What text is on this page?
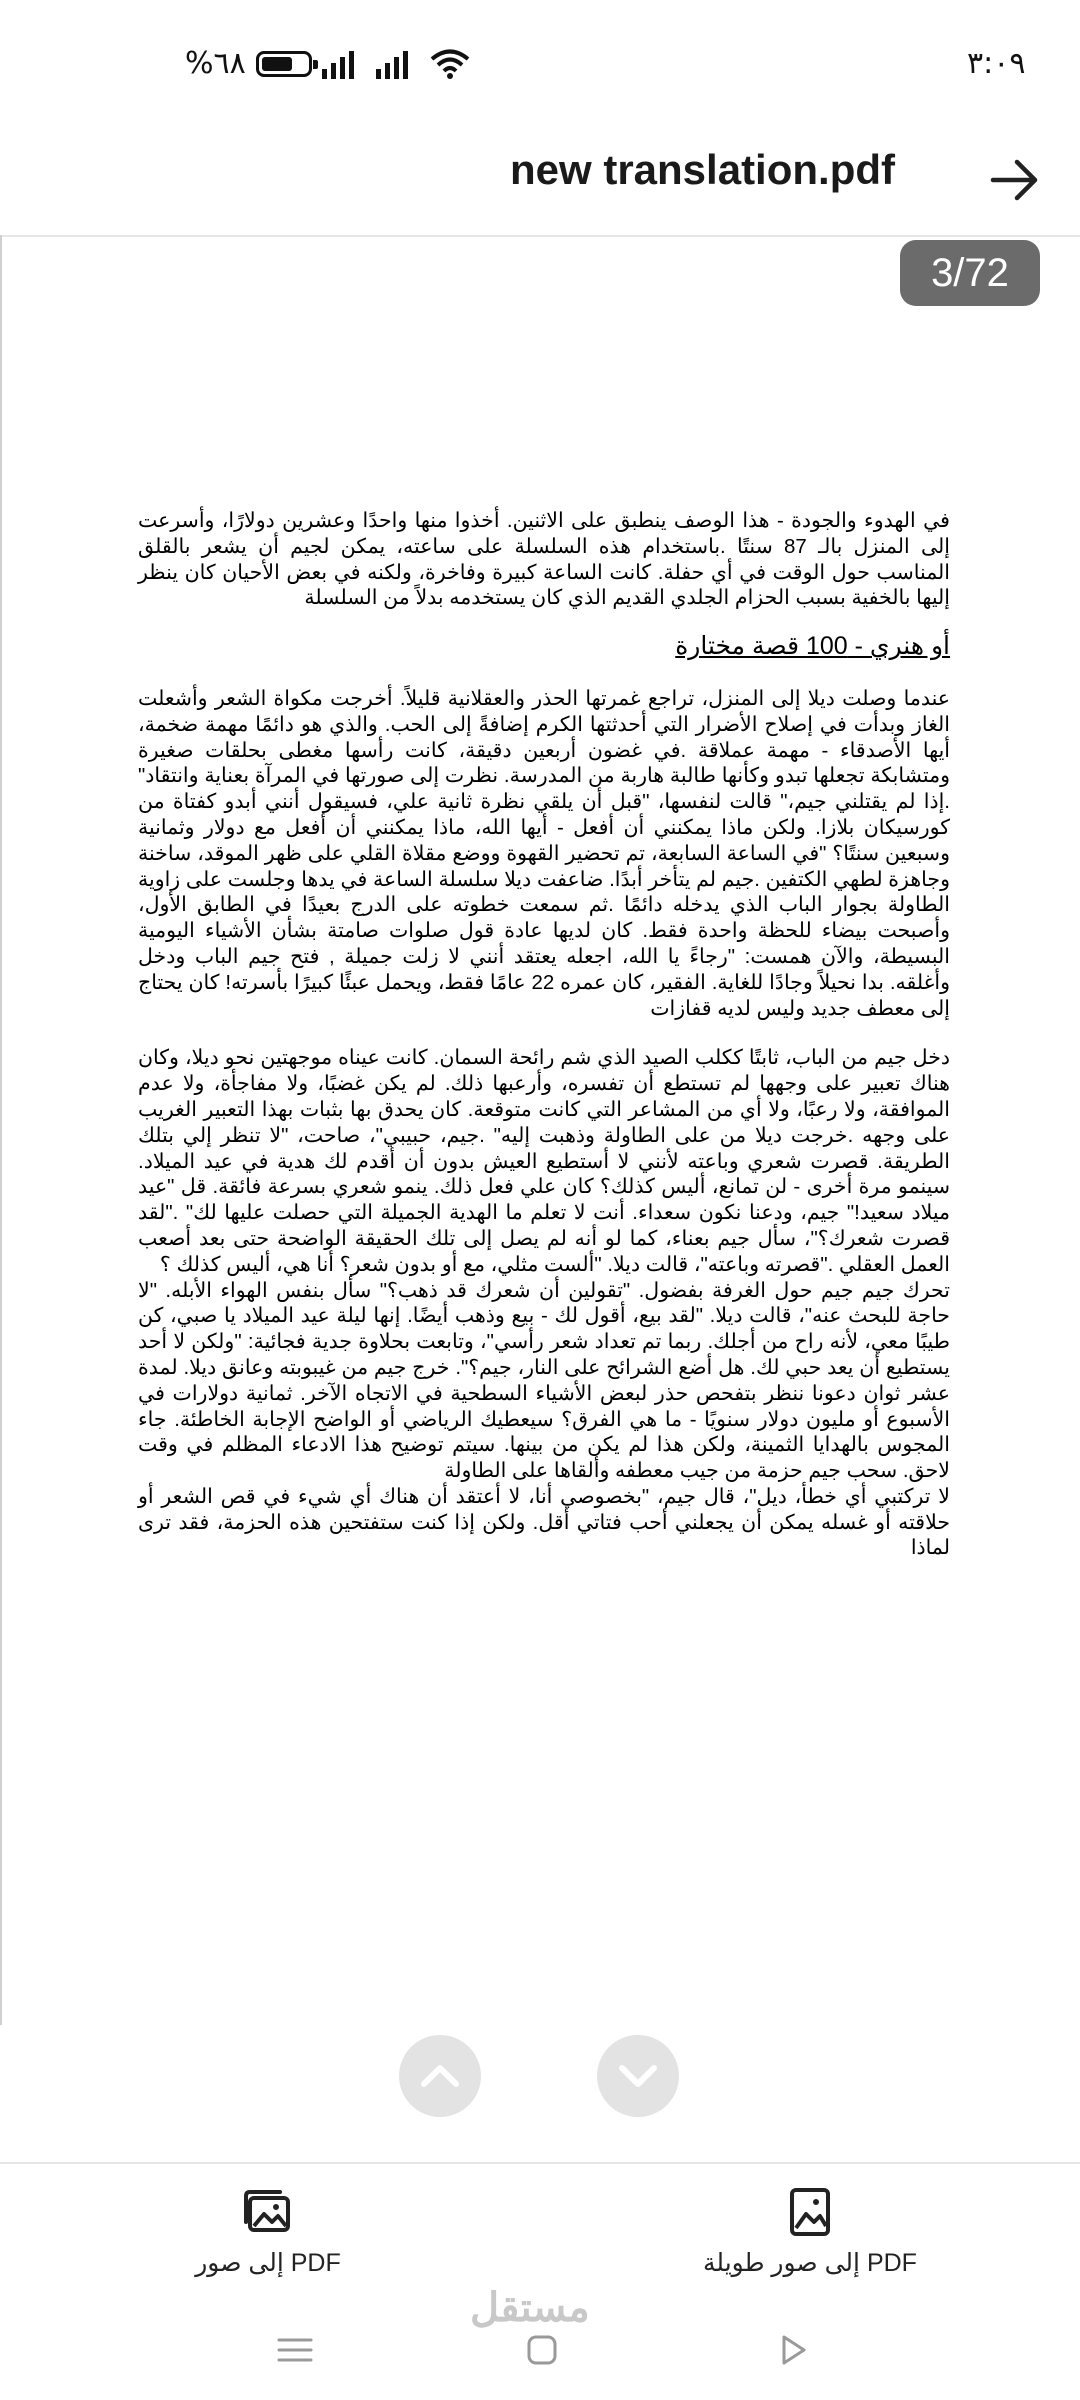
%٦٨	٣:٠٩
new translation.pdf
3/72

في الهدوء والجودة - هذا الوصف ينطبق على الاثنين. أخذوا منها واحدًا وعشرين دولارًا، وأسرعت إلى المنزل بالـ 87 سنتًا .باستخدام هذه السلسلة على ساعته، يمكن لجيم أن يشعر بالقلق المناسب حول الوقت في أي حفلة. كانت الساعة كبيرة وفاخرة، ولكنه في بعض الأحيان كان ينظر إليها بالخفية بسبب الحزام الجلدي القديم الذي كان يستخدمه بدلاً من السلسلة

أو هنري - 100 قصة مختارة

عندما وصلت ديلا إلى المنزل، تراجع غمرتها الحذر والعقلانية قليلاً. أخرجت مكواة الشعر وأشعلت الغاز وبدأت في إصلاح الأضرار التي أحدثتها الكرم إضافةً إلى الحب. والذي هو دائمًا مهمة ضخمة، أيها الأصدقاء - مهمة عملاقة .في غضون أربعين دقيقة، كانت رأسها مغطى بحلقات صغيرة ومتشابكة تجعلها تبدو وكأنها طالبة هاربة من المدرسة. نظرت إلى صورتها في المرآة بعناية وانتقاد" .إذا لم يقتلني جيم،" قالت لنفسها، "قبل أن يلقي نظرة ثانية علي، فسيقول أنني أبدو كفتاة من كورسيكان بلازا. ولكن ماذا يمكنني أن أفعل - أيها الله، ماذا يمكنني أن أفعل مع دولار وثمانية وسبعين سنتًا؟ "في الساعة السابعة، تم تحضير القهوة ووضع مقلاة القلي على ظهر الموقد، ساخنة وجاهزة لطهي الكتفين .جيم لم يتأخر أبدًا. ضاعفت ديلا سلسلة الساعة في يدها وجلست على زاوية الطاولة بجوار الباب الذي يدخله دائمًا .ثم سمعت خطوته على الدرج بعيدًا في الطابق الأول، وأصبحت بيضاء للحظة واحدة فقط. كان لديها عادة قول صلوات صامتة بشأن الأشياء اليومية البسيطة، والآن همست: "رجاءً يا الله، اجعله يعتقد أنني لا زلت جميلة , فتح جيم الباب ودخل وأغلقه. بدا نحيلاً وجادًا للغاية. الفقير، كان عمره 22 عامًا فقط، ويحمل عبئًا كبيرًا بأسرته! كان يحتاج إلى معطف جديد وليس لديه قفازات

دخل جيم من الباب، ثابتًا ككلب الصيد الذي شم رائحة السمان. كانت عيناه موجهتين نحو ديلا، وكان هناك تعبير على وجهها لم تستطع أن تفسره، وأرعبها ذلك. لم يكن غضبًا، ولا مفاجأة، ولا عدم الموافقة، ولا رعبًا، ولا أي من المشاعر التي كانت متوقعة. كان يحدق بها بثبات بهذا التعبير الغريب على وجهه .خرجت ديلا من على الطاولة وذهبت إليه" .جيم، حبيبي"، صاحت، "لا تنظر إلي بتلك الطريقة. قصرت شعري وباعته لأنني لا أستطيع العيش بدون أن أقدم لك هدية في عيد الميلاد. سينمو مرة أخرى - لن تمانع، أليس كذلك؟ كان علي فعل ذلك. ينمو شعري بسرعة فائقة. قل "عيد ميلاد سعيد!" جيم، ودعنا نكون سعداء. أنت لا تعلم ما الهدية الجميلة التي حصلت عليها لك" ."لقد قصرت شعرك؟"، سأل جيم بعناء، كما لو أنه لم يصل إلى تلك الحقيقة الواضحة حتى بعد أصعب العمل العقلي ."قصرته وباعته"، قالت ديلا. "ألست مثلي، مع أو بدون شعر؟ أنا هي، أليس كذلك ؟

تحرك جيم جيم حول الغرفة بفضول. "تقولين أن شعرك قد ذهب؟" سأل بنفس الهواء الأبله. "لا حاجة للبحث عنه"، قالت ديلا. "لقد بيع، أقول لك - بيع وذهب أيضًا. إنها ليلة عيد الميلاد يا صبي، كن طيبًا معي، لأنه راح من أجلك. ربما تم تعداد شعر رأسي"، وتابعت بحلاوة جدية فجائية: "ولكن لا أحد يستطيع أن يعد حبي لك. هل أضع الشرائح على النار، جيم؟". خرج جيم من غيبوبته وعانق ديلا. لمدة عشر ثوان دعونا ننظر بتفحص حذر لبعض الأشياء السطحية في الاتجاه الآخر. ثمانية دولارات في الأسبوع أو مليون دولار سنويًا - ما هي الفرق؟ سيعطيك الرياضي أو الواضح الإجابة الخاطئة. جاء المجوس بالهدايا الثمينة، ولكن هذا لم يكن من بينها. سيتم توضيح هذا الادعاء المظلم في وقت لاحق. سحب جيم حزمة من جيب معطفه وألقاها على الطاولة

لا تركتبي أي خطأ، ديل"، قال جيم، "بخصوصي أنا، لا أعتقد أن هناك أي شيء في قص الشعر أو حلاقته أو غسله يمكن أن يجعلني أحب فتاتي أقل. ولكن إذا كنت ستفتحين هذه الحزمة، فقد ترى لماذا

إلى صور PDF	إلى صور طويلة PDF
مستقل
